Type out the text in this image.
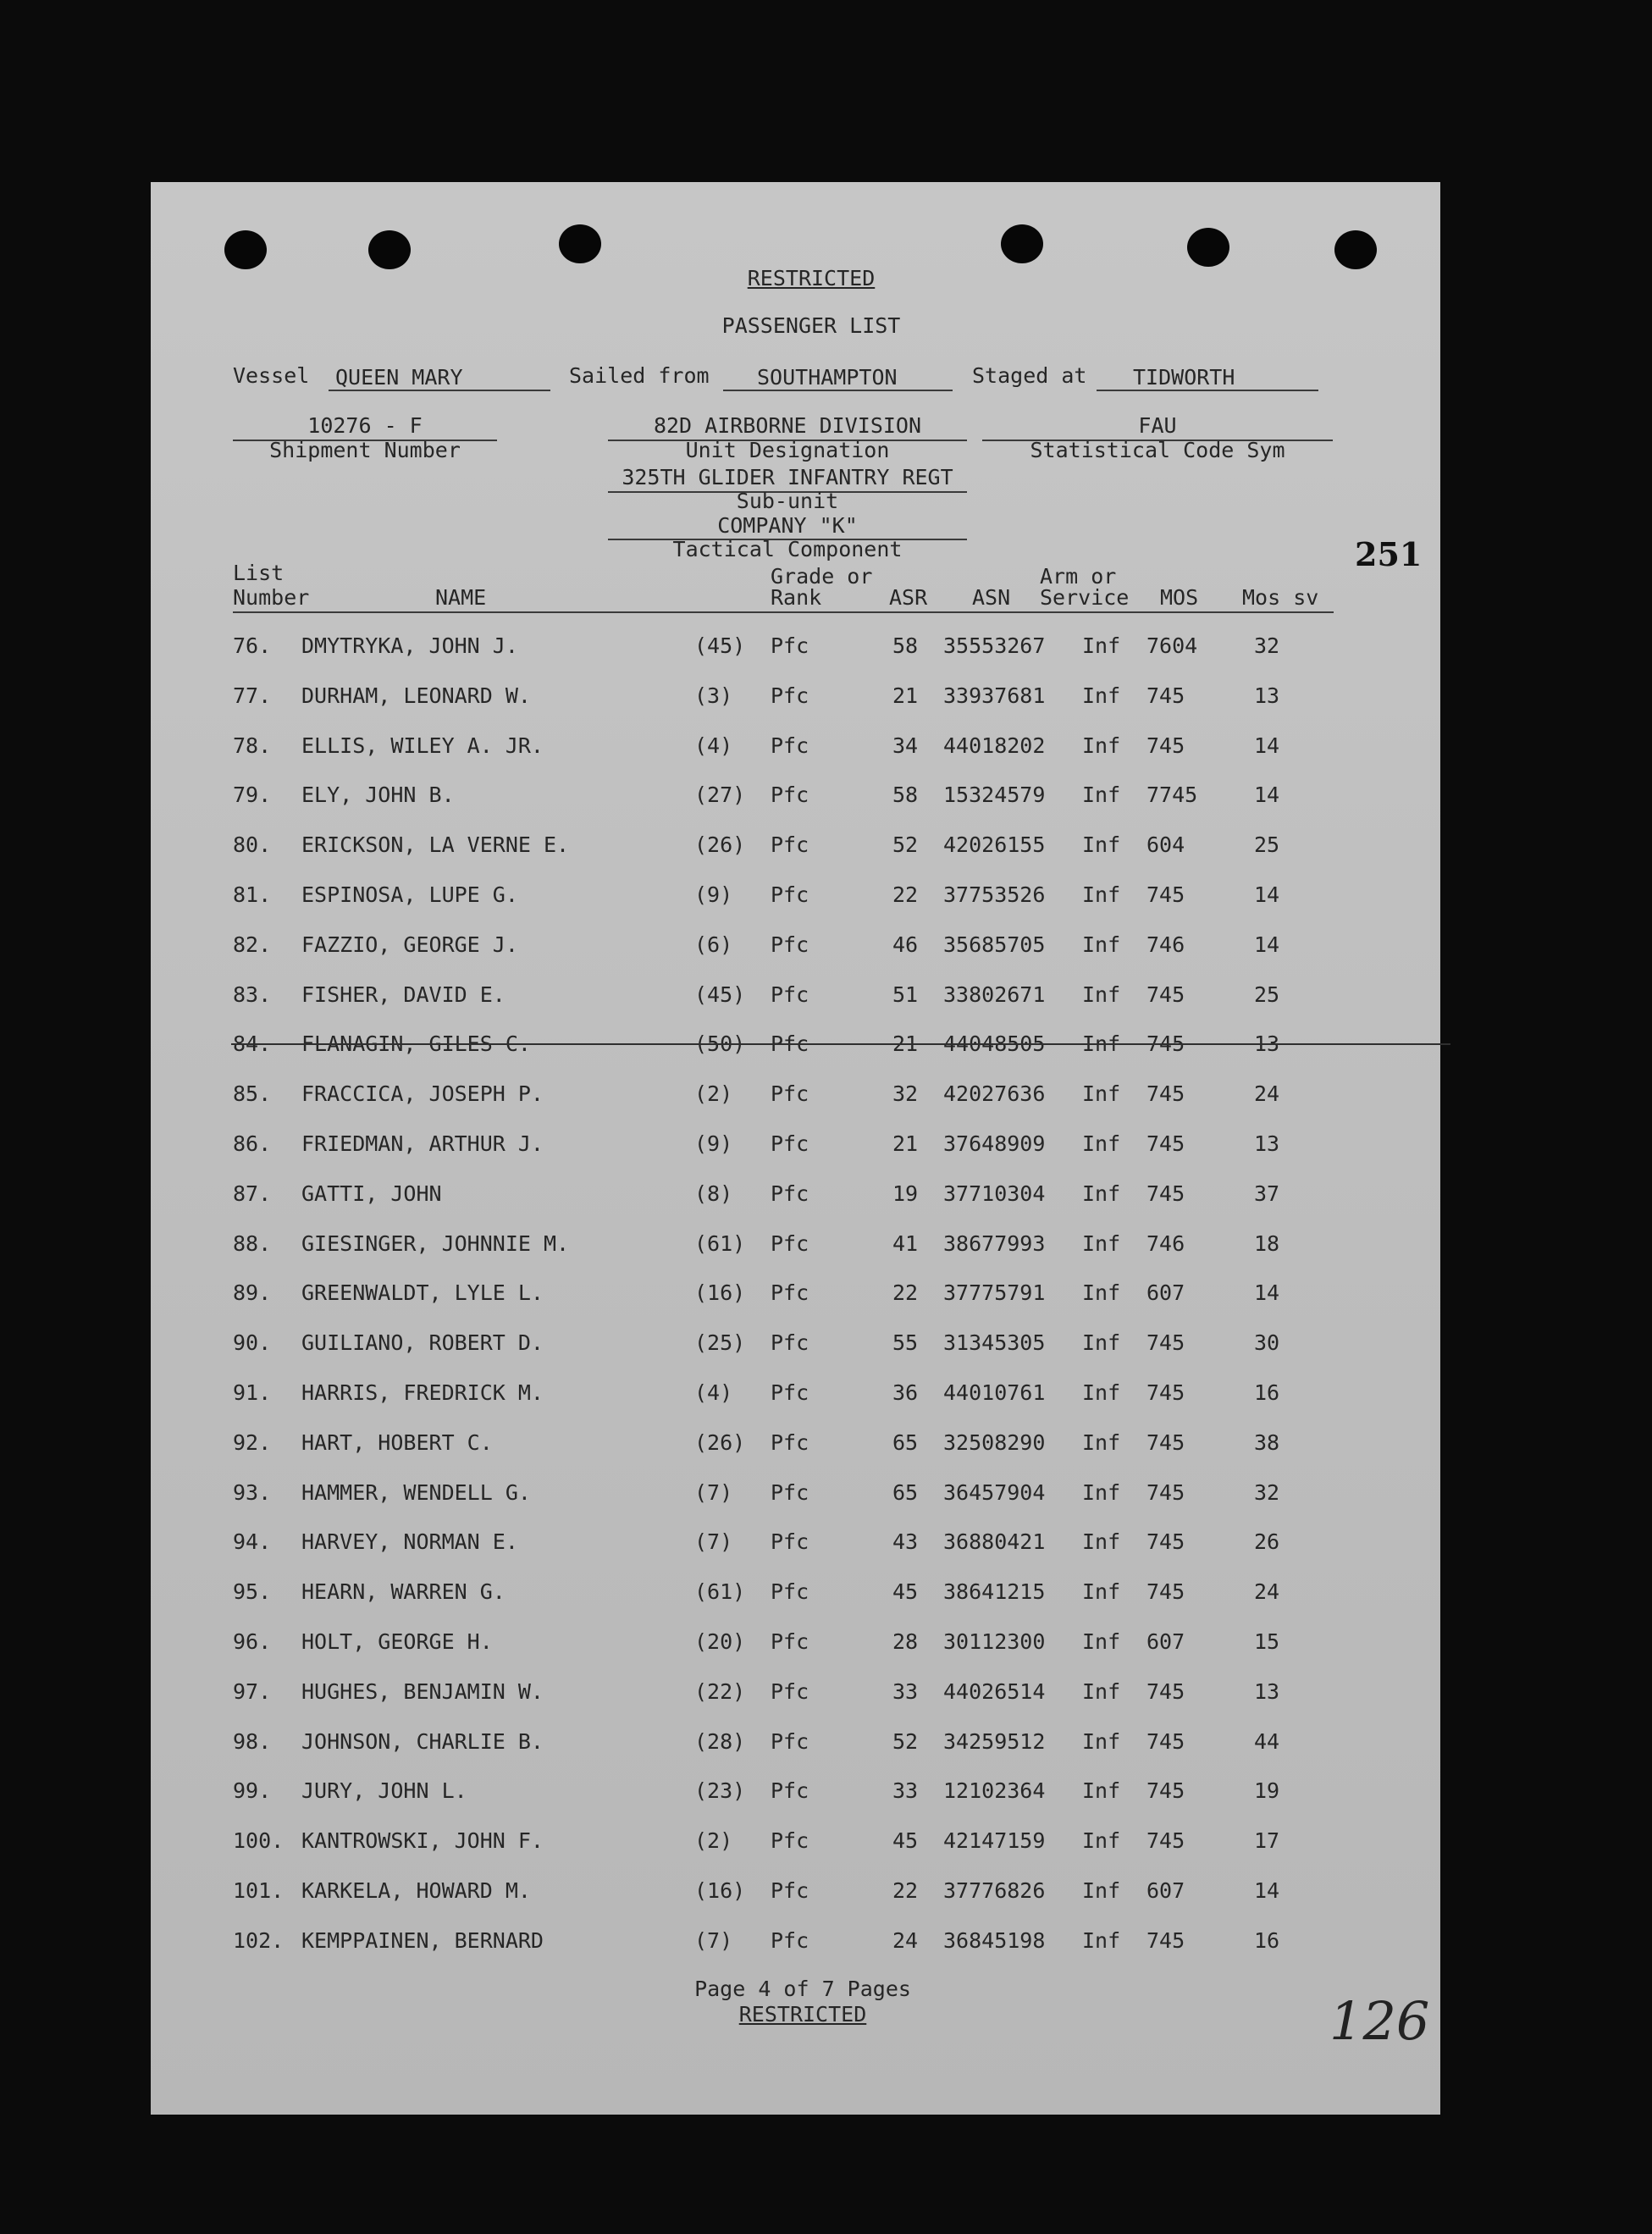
RESTRICTED
PASSENGER LIST
Vessel QUEEN MARY	Sailed from SOUTHAMPTON	Staged at TIDWORTH
10276 - F
Shipment Number
82D AIRBORNE DIVISION
Unit Designation
325TH GLIDER INFANTRY REGT
Sub-unit
COMPANY "K"
Tactical Component
FAU
Statistical Code Sym
251
List
Number	NAME
Grade or
Rank	ASR ASN
Arm or
Service MOS Mos sv
76. DMYTRYKA, JOHN J.	(45) Pfc	58 35553267 Inf 7604	32
77. DURHAM, LEONARD W.	(3) Pfc	21 33937681 Inf 745	13
78. ELLIS, WILEY A. JR.	(4) Pfc	34 44018202 Inf 745	14
79. ELY, JOHN B.	(27) Pfc	58 15324579 Inf 7745	14
80. ERICKSON, LA VERNE E.	(26) Pfc	52 42026155 Inf 604	25
81. ESPINOSA, LUPE G.	(9) Pfc	22 37753526 Inf 745	14
82. FAZZIO, GEORGE J.	(6) Pfc	46 35685705 Inf 746	14
83. FISHER, DAVID E.	(45) Pfc	51 33802671 Inf 745	25
84. FLANAGIN, GILES C.	(50) Pfc	21 44048505 Inf 745	13
85. FRACCICA, JOSEPH P.	(2) Pfc	32 42027636 Inf 745	24
86. FRIEDMAN, ARTHUR J.	(9) Pfc	21 37648909 Inf 745	13
87. GATTI, JOHN	(8) Pfc	19 37710304 Inf 745	37
88. GIESINGER, JOHNNIE M.	(61) Pfc	41 38677993 Inf 746	18
89. GREENWALDT, LYLE L.	(16) Pfc	22 37775791 Inf 607	14
90. GUILIANO, ROBERT D.	(25) Pfc	55 31345305 Inf 745	30
91. HARRIS, FREDRICK M.	(4) Pfc	36 44010761 Inf 745	16
92. HART, HOBERT C.	(26) Pfc	65 32508290 Inf 745	38
93. HAMMER, WENDELL G.	(7) Pfc	65 36457904 Inf 745	32
94. HARVEY, NORMAN E.	(7) Pfc	43 36880421 Inf 745	26
95. HEARN, WARREN G.	(61) Pfc	45 38641215 Inf 745	24
96. HOLT, GEORGE H.	(20) Pfc	28 30112300 Inf 607	15
97. HUGHES, BENJAMIN W.	(22) Pfc	33 44026514 Inf 745	13
98. JOHNSON, CHARLIE B.	(28) Pfc	52 34259512 Inf 745	44
99. JURY, JOHN L.	(23) Pfc	33 12102364 Inf 745	19
100. KANTROWSKI, JOHN F.	(2) Pfc	45 42147159 Inf 745	17
101. KARKELA, HOWARD M.	(16) Pfc	22 37776826 Inf 607	14
102. KEMPPAINEN, BERNARD	(7) Pfc	24 36845198 Inf 745	16
Page 4 of 7 Pages
RESTRICTED	126
